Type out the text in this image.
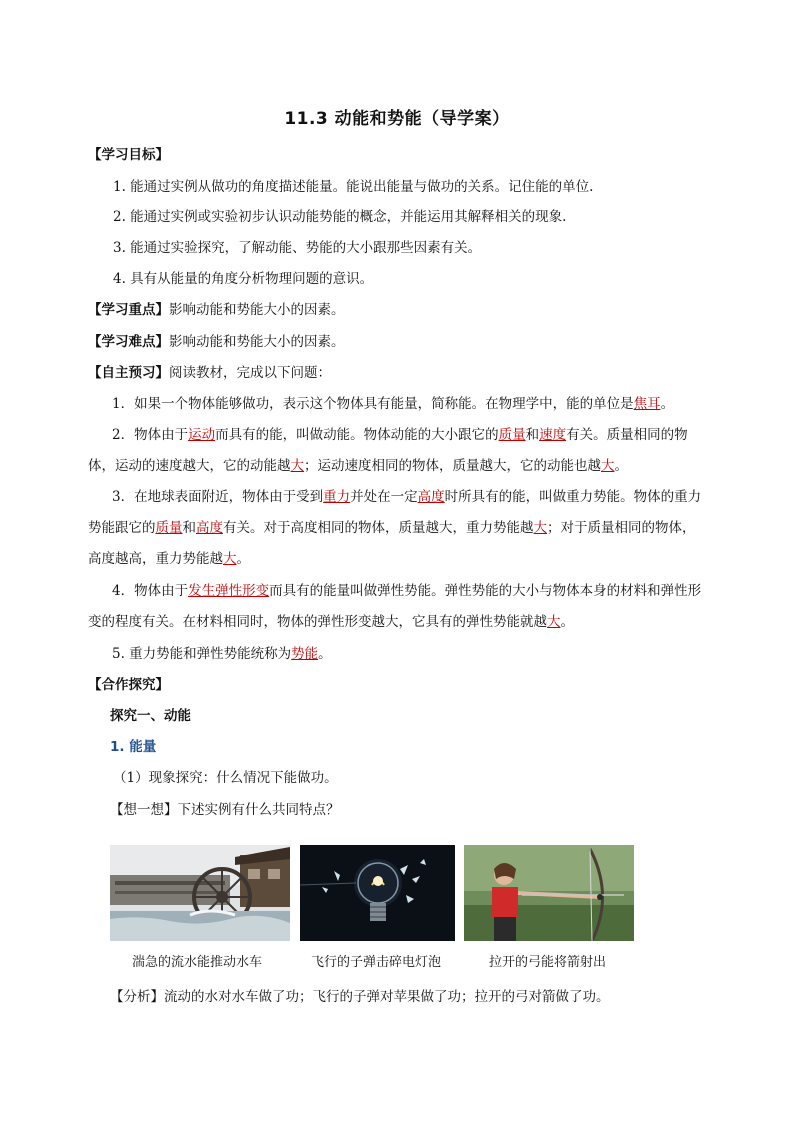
11.3 动能和势能（导学案）
【学习目标】
1. 能通过实例从做功的角度描述能量。能说出能量与做功的关系。记住能的单位.
2. 能通过实例或实验初步认识动能势能的概念，并能运用其解释相关的现象.
3. 能通过实验探究，了解动能、势能的大小跟那些因素有关。
4. 具有从能量的角度分析物理问题的意识。
【学习重点】影响动能和势能大小的因素。
【学习难点】影响动能和势能大小的因素。
【自主预习】阅读教材，完成以下问题：
1．如果一个物体能够做功，表示这个物体具有能量，简称能。在物理学中，能的单位是焦耳。
2．物体由于运动而具有的能，叫做动能。物体动能的大小跟它的质量和速度有关。质量相同的物体，运动的速度越大，它的动能越大；运动速度相同的物体，质量越大，它的动能也越大。
3．在地球表面附近，物体由于受到重力并处在一定高度时所具有的能，叫做重力势能。物体的重力势能跟它的质量和高度有关。对于高度相同的物体，质量越大，重力势能越大；对于质量相同的物体，高度越高，重力势能越大。
4．物体由于发生弹性形变而具有的能量叫做弹性势能。弹性势能的大小与物体本身的材料和弹性形变的程度有关。在材料相同时，物体的弹性形变越大，它具有的弹性势能就越大。
5. 重力势能和弹性势能统称为势能。
【合作探究】
探究一、动能
1. 能量
（1）现象探究：什么情况下能做功。
【想一想】下述实例有什么共同特点？
湍急的流水能推动水车	飞行的子弹击碎电灯泡	拉开的弓能将箭射出
【分析】流动的水对水车做了功；飞行的子弹对苹果做了功；拉开的弓对箭做了功。
